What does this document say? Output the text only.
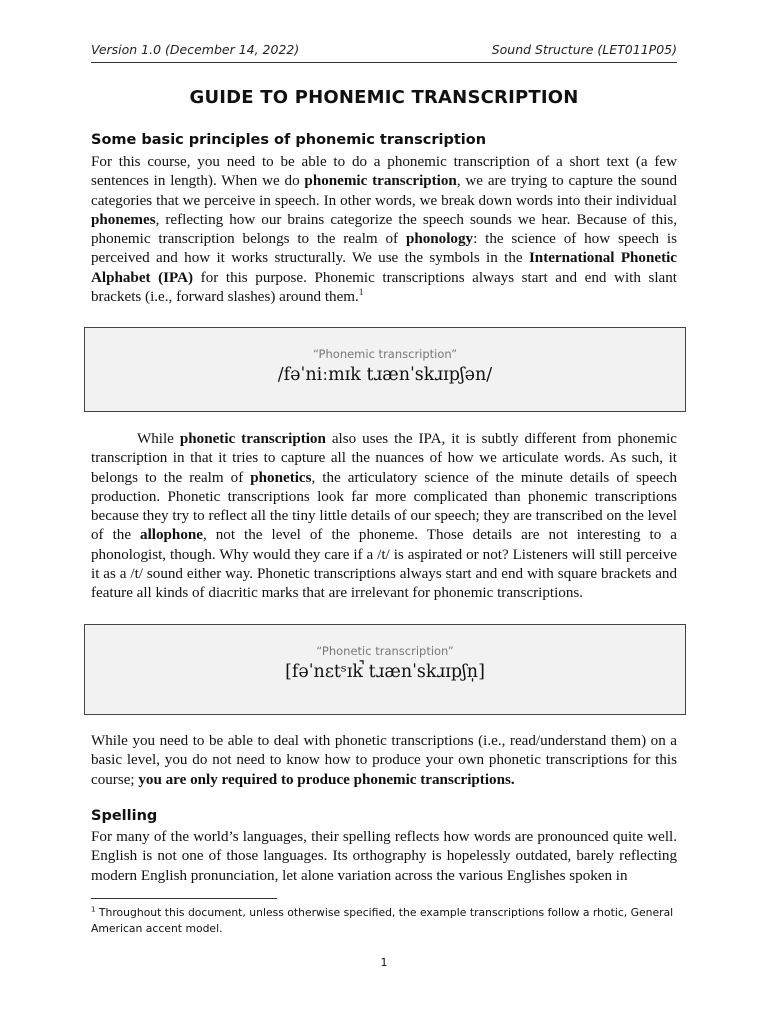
Version 1.0 (December 14, 2022)	Sound Structure (LET011P05)
GUIDE TO PHONEMIC TRANSCRIPTION
Some basic principles of phonemic transcription
For this course, you need to be able to do a phonemic transcription of a short text (a few sentences in length). When we do phonemic transcription, we are trying to capture the sound categories that we perceive in speech. In other words, we break down words into their individual phonemes, reflecting how our brains categorize the speech sounds we hear. Because of this, phonemic transcription belongs to the realm of phonology: the science of how speech is perceived and how it works structurally. We use the symbols in the International Phonetic Alphabet (IPA) for this purpose. Phonemic transcriptions always start and end with slant brackets (i.e., forward slashes) around them.$^1$
“Phonemic transcription”
/fəˈniːmɪk tɹænˈskɹɪpʃən/
While phonetic transcription also uses the IPA, it is subtly different from phonemic transcription in that it tries to capture all the nuances of how we articulate words. As such, it belongs to the realm of phonetics, the articulatory science of the minute details of speech production. Phonetic transcriptions look far more complicated than phonemic transcriptions because they try to reflect all the tiny little details of our speech; they are transcribed on the level of the allophone, not the level of the phoneme. Those details are not interesting to a phonologist, though. Why would they care if a /t/ is aspirated or not? Listeners will still perceive it as a /t/ sound either way. Phonetic transcriptions always start and end with square brackets and feature all kinds of diacritic marks that are irrelevant for phonemic transcriptions.
“Phonetic transcription”
[fəˈnɛtˢɪk̚ tɹænˈskɹɪpʃn̩]
While you need to be able to deal with phonetic transcriptions (i.e., read/understand them) on a basic level, you do not need to know how to produce your own phonetic transcriptions for this course; you are only required to produce phonemic transcriptions.
Spelling
For many of the world’s languages, their spelling reflects how words are pronounced quite well. English is not one of those languages. Its orthography is hopelessly outdated, barely reflecting modern English pronunciation, let alone variation across the various Englishes spoken in
$^1$ Throughout this document, unless otherwise specified, the example transcriptions follow a rhotic, General American accent model.
1
